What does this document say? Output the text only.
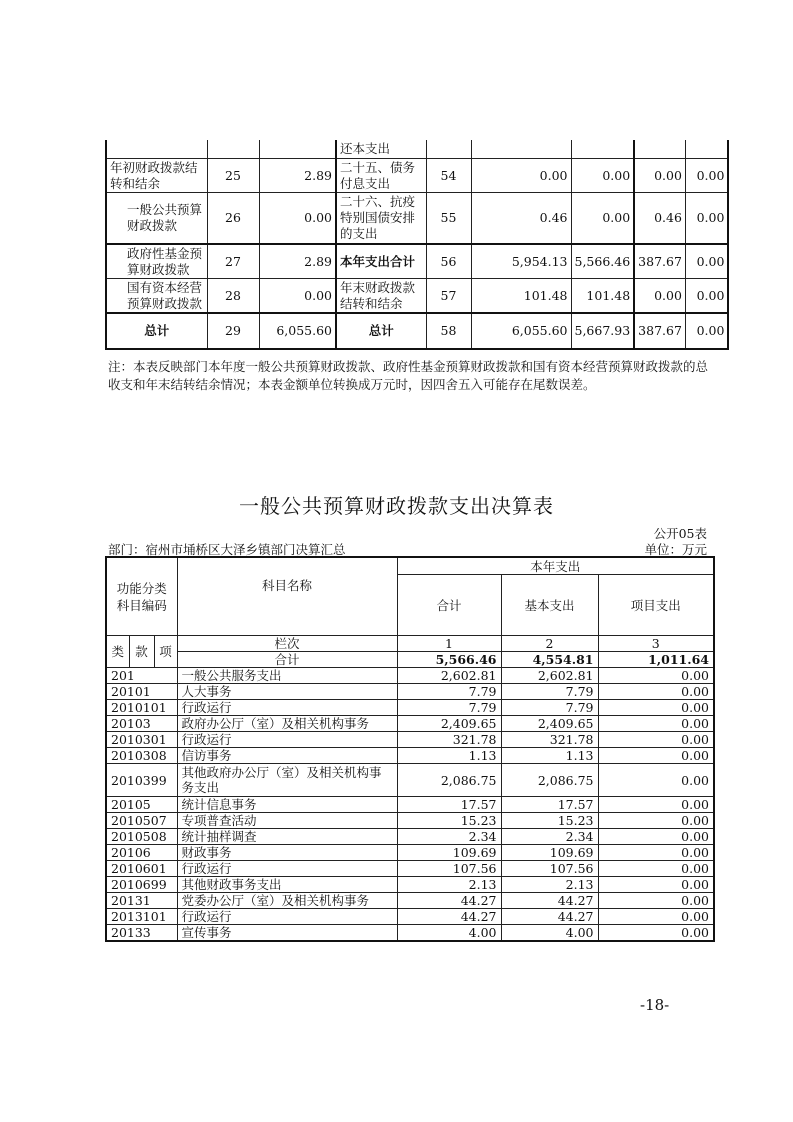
			还本支出					
年初财政拨款结转和结余	25	2.89	二十五、债务付息支出	54	0.00	0.00	0.00	0.00
一般公共预算财政拨款	26	0.00	二十六、抗疫特别国债安排的支出	55	0.46	0.00	0.46	0.00
政府性基金预算财政拨款	27	2.89	本年支出合计	56	5,954.13	5,566.46	387.67	0.00
国有资本经营预算财政拨款	28	0.00	年末财政拨款结转和结余	57	101.48	101.48	0.00	0.00
总计	29	6,055.60	总计	58	6,055.60	5,667.93	387.67	0.00
注：本表反映部门本年度一般公共预算财政拨款、政府性基金预算财政拨款和国有资本经营预算财政拨款的总收支和年末结转结余情况；本表金额单位转换成万元时，因四舍五入可能存在尾数误差。
一般公共预算财政拨款支出决算表
公开05表
部门：宿州市埇桥区大泽乡镇部门决算汇总	单位：万元
功能分类科目编码			科目名称	本年支出		
				合计	基本支出	项目支出
类	款	项	栏次	1	2	3
			合计	5,566.46	4,554.81	1,011.64
201			一般公共服务支出	2,602.81	2,602.81	0.00
20101			人大事务	7.79	7.79	0.00
2010101			行政运行	7.79	7.79	0.00
20103			政府办公厅（室）及相关机构事务	2,409.65	2,409.65	0.00
2010301			行政运行	321.78	321.78	0.00
2010308			信访事务	1.13	1.13	0.00
2010399			其他政府办公厅（室）及相关机构事务支出	2,086.75	2,086.75	0.00
20105			统计信息事务	17.57	17.57	0.00
2010507			专项普查活动	15.23	15.23	0.00
2010508			统计抽样调查	2.34	2.34	0.00
20106			财政事务	109.69	109.69	0.00
2010601			行政运行	107.56	107.56	0.00
2010699			其他财政事务支出	2.13	2.13	0.00
20131			党委办公厅（室）及相关机构事务	44.27	44.27	0.00
2013101			行政运行	44.27	44.27	0.00
20133			宣传事务	4.00	4.00	0.00
-18-
